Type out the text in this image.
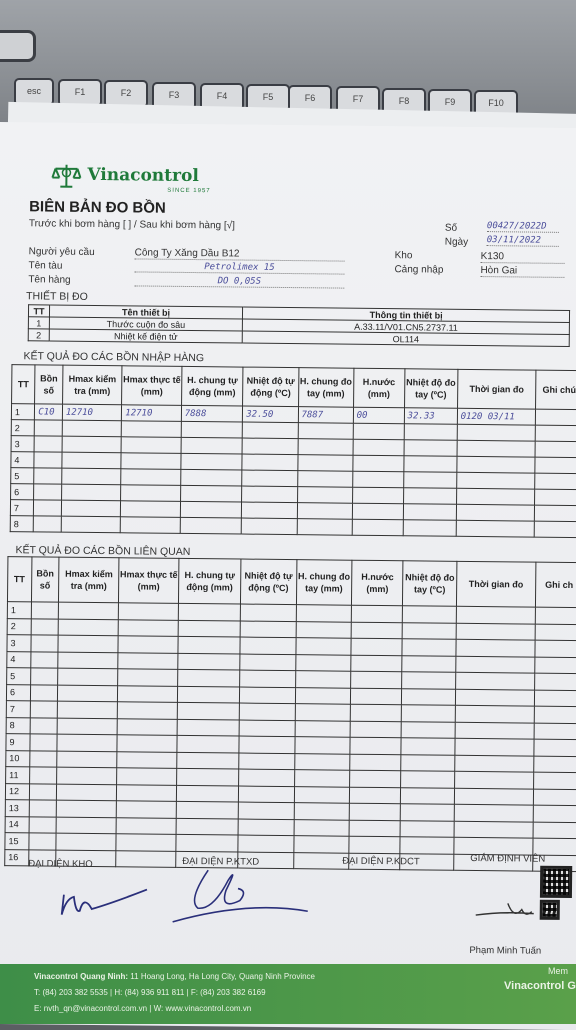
esc	F1	F2	F3	F4	F5	F6	F7	F8	F9	F10
Vinacontrol
SINCE 1957
BIÊN BẢN ĐO BỒN
Trước khi bơm hàng [ ] / Sau khi bơm hàng [√]	Số	00427/2022D
Ngày 03/11/2022
Người yêu cầu	Công Ty Xăng Dầu B12	Kho	K130
Tên tàu	Petrolimex 15	Cảng nhập	Hòn Gai
Tên hàng	DO 0,05S
THIẾT BỊ ĐO
TT	Tên thiết bị	Thông tin thiết bị
1	Thước cuộn đo sâu	A.33.11/V01.CN5.2737.11
2	Nhiệt kế điện tử	OL114
KẾT QUẢ ĐO CÁC BỒN NHẬP HÀNG
TT	Bồn số	Hmax kiểm tra (mm)	Hmax thực tế (mm)	H. chung tự động (mm)	Nhiệt độ tự động (ºC)	H. chung đo tay (mm)	H.nước (mm)	Nhiệt độ đo tay (ºC)	Thời gian đo	Ghi chú
1	C10	12710	12710	7888	32.50	7887	00	32.33	0120 03/11	
2										
3										
4										
5										
6										
7										
8										
KẾT QUẢ ĐO CÁC BỒN LIÊN QUAN
TT	Bồn số	Hmax kiểm tra (mm)	Hmax thực tế (mm)	H. chung tự động (mm)	Nhiệt độ tự động (ºC)	H. chung đo tay (mm)	H.nước (mm)	Nhiệt độ đo tay (ºC)	Thời gian đo	Ghi ch
1										
2										
3										
4										
5										
6										
7										
8										
9										
10										
11										
12										
13										
14										
15										
16										
ĐẠI DIỆN KHO	ĐẠI DIỆN P.KTXD	ĐẠI DIỆN P.KDCT	GIÁM ĐỊNH VIÊN
Phạm Minh Tuấn
Vinacontrol Quang Ninh: 11 Hoang Long, Ha Long City, Quang Ninh Province
T: (84) 203 382 5535 | H: (84) 936 911 811 | F: (84) 203 382 6169
E: nvth_qn@vinacontrol.com.vn | W: www.vinacontrol.com.vn
Mem
Vinacontrol G
